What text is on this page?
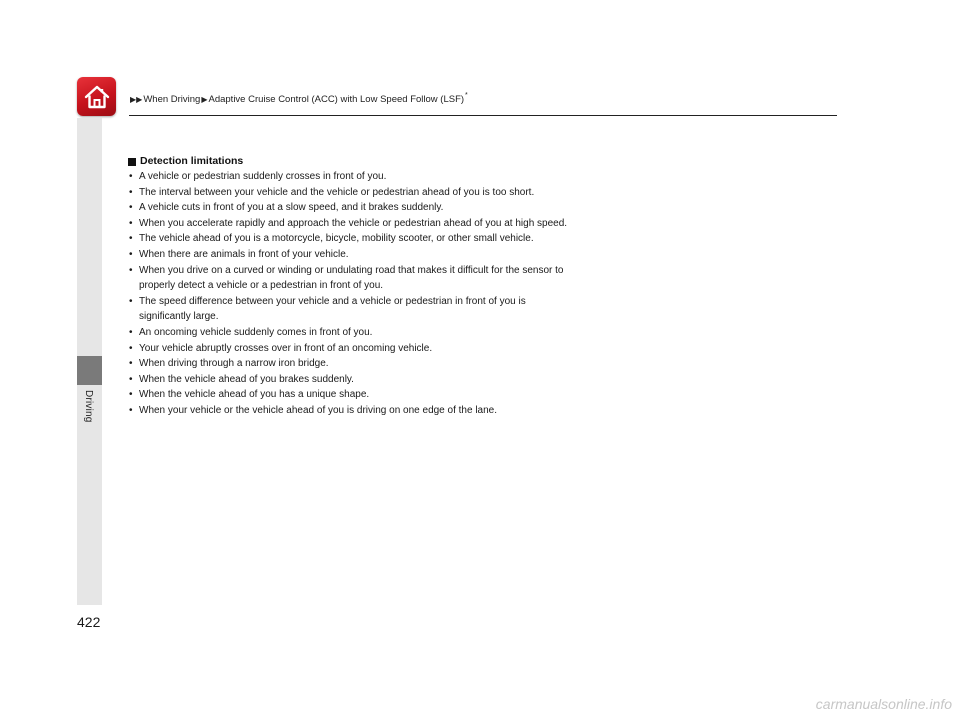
▶▶ When Driving ▶ Adaptive Cruise Control (ACC) with Low Speed Follow (LSF) *
Driving
Detection limitations
• A vehicle or pedestrian suddenly crosses in front of you.
• The interval between your vehicle and the vehicle or pedestrian ahead of you is too short.
• A vehicle cuts in front of you at a slow speed, and it brakes suddenly.
• When you accelerate rapidly and approach the vehicle or pedestrian ahead of you at high speed.
• The vehicle ahead of you is a motorcycle, bicycle, mobility scooter, or other small vehicle.
• When there are animals in front of your vehicle.
• When you drive on a curved or winding or undulating road that makes it difficult for the sensor to properly detect a vehicle or a pedestrian in front of you.
• The speed difference between your vehicle and a vehicle or pedestrian in front of you is significantly large.
• An oncoming vehicle suddenly comes in front of you.
• Your vehicle abruptly crosses over in front of an oncoming vehicle.
• When driving through a narrow iron bridge.
• When the vehicle ahead of you brakes suddenly.
• When the vehicle ahead of you has a unique shape.
• When your vehicle or the vehicle ahead of you is driving on one edge of the lane.
422
carmanualsonline.info
